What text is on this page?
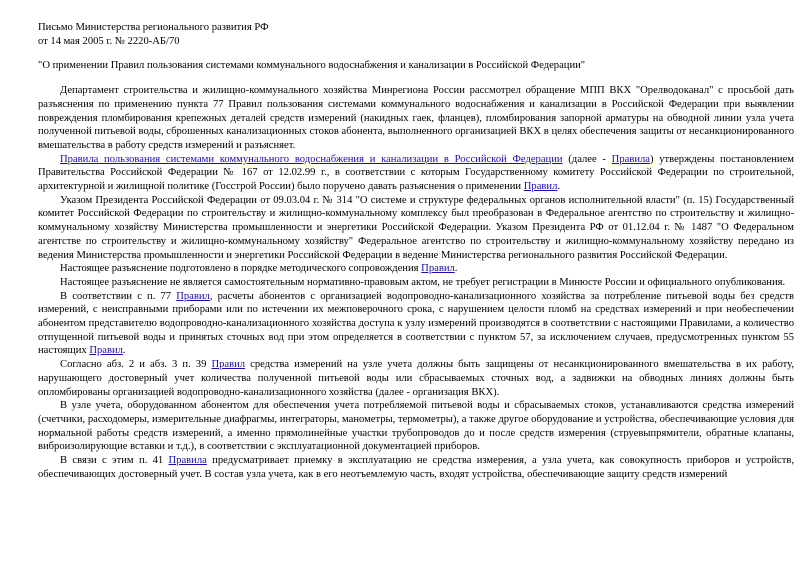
Письмо Министерства регионального развития РФ
от 14 мая 2005 г. № 2220-АБ/70
"О применении Правил пользования системами коммунального водоснабжения и канализации в Российской Федерации"

Департамент строительства и жилищно-коммунального хозяйства Минрегиона России рассмотрел обращение МПП ВКХ "Орелводоканал" с просьбой дать разъяснения по применению пункта 77 Правил пользования системами коммунального водоснабжения и канализации в Российской Федерации при выявлении повреждения пломбирования крепежных деталей средств измерений (накидных гаек, фланцев), пломбирования запорной арматуры на обводной линии узла учета полученной питьевой воды, сброшенных канализационных стоков абонента, выполненного организацией ВКХ в целях обеспечения защиты от несанкционированного вмешательства в работу средств измерений и разъясняет.

Правила пользования системами коммунального водоснабжения и канализации в Российской Федерации (далее - Правила) утверждены постановлением Правительства Российской Федерации № 167 от 12.02.99 г., в соответствии с которым Государственному комитету Российской Федерации по строительной, архитектурной и жилищной политике (Госстрой России) было поручено давать разъяснения о применении Правил.

Указом Президента Российской Федерации от 09.03.04 г. № 314 "О системе и структуре федеральных органов исполнительной власти" (п. 15) Государственный комитет Российской Федерации по строительству и жилищно-коммунальному комплексу был преобразован в Федеральное агентство по строительству и жилищно-коммунальному хозяйству Министерства промышленности и энергетики Российской Федерации. Указом Президента РФ от 01.12.04 г. № 1487 "О Федеральном агентстве по строительству и жилищно-коммунальному хозяйству" Федеральное агентство по строительству и жилищно-коммунальному хозяйству передано из ведения Министерства промышленности и энергетики Российской Федерации в ведение Министерства регионального развития Российской Федерации.

Настоящее разъяснение подготовлено в порядке методического сопровождения Правил.

Настоящее разъяснение не является самостоятельным нормативно-правовым актом, не требует регистрации в Минюсте России и официального опубликования.

В соответствии с п. 77 Правил, расчеты абонентов с организацией водопроводно-канализационного хозяйства за потребление питьевой воды без средств измерений, с неисправными приборами или по истечении их межповерочного срока, с нарушением целости пломб на средствах измерений и при необеспечении абонентом представителю водопроводно-канализационного хозяйства доступа к узлу измерений производятся в соответствии с настоящими Правилами, а количество отпущенной питьевой воды и принятых сточных вод при этом определяется в соответствии с пунктом 57, за исключением случаев, предусмотренных пунктом 55 настоящих Правил.

Согласно абз. 2 и абз. 3 п. 39 Правил средства измерений на узле учета должны быть защищены от несанкционированного вмешательства в их работу, нарушающего достоверный учет количества полученной питьевой воды или сбрасываемых сточных вод, а задвижки на обводных линиях должны быть опломбированы организацией водопроводно-канализационного хозяйства (далее - организация ВКХ).

В узле учета, оборудованном абонентом для обеспечения учета потребляемой питьевой воды и сбрасываемых стоков, устанавливаются средства измерений (счетчики, расходомеры, измерительные диафрагмы, интеграторы, манометры, термометры), а также другое оборудование и устройства, обеспечивающие условия для нормальной работы средств измерений, а именно прямолинейные участки трубопроводов до и после средств измерения (струевыпрямители, обратные клапаны, виброизолирующие вставки и т.д.), в соответствии с эксплуатационной документацией приборов.

В связи с этим п. 41 Правила предусматривает приемку в эксплуатацию не средства измерения, а узла учета, как совокупность приборов и устройств, обеспечивающих достоверный учет. В состав узла учета, как в его неотъемлемую часть, входят устройства, обеспечивающие защиту средств измерений
